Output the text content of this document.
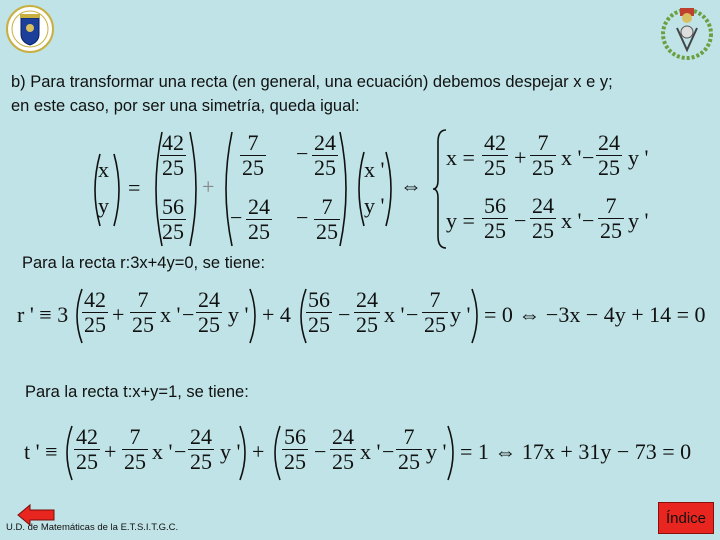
b) Para transformar una recta (en general, una ecuación) debemos despejar x e y;
en este caso, por ser una simetría, queda igual:
x
y
=
$\frac{42}{25}$
$\frac{56}{25}$
+
$\frac{7}{25}$
− $\frac{24}{25}$
− $\frac{24}{25}$
− $\frac{7}{25}$
x '
y '
⇔
$x = \frac{42}{25} + \frac{7}{25}$ x ' − $\frac{24}{25}$ y '
$y = \frac{56}{25} - \frac{24}{25}$ x ' − $\frac{7}{25}$ y '
Para la recta r:3x+4y=0, se tiene:
r ' ≡ $3 \frac{42}{25} + \frac{7}{25}$ x ' − $\frac{24}{25}$ y ' + $4 \frac{56}{25} - \frac{24}{25}$ x ' − $\frac{7}{25}$ y ' = 0 ⇔ −3x − 4y + 14 = 0
Para la recta t:x+y=1, se tiene:
t ' ≡ $\frac{42}{25} + \frac{7}{25}$ x ' − $\frac{24}{25}$ y ' + $\frac{56}{25} - \frac{24}{25}$ x ' − $\frac{7}{25}$ y ' = 1 ⇔ 17x + 31y − 73 = 0
U.D. de Matemáticas de la E.T.S.I.T.G.C.
Índice
